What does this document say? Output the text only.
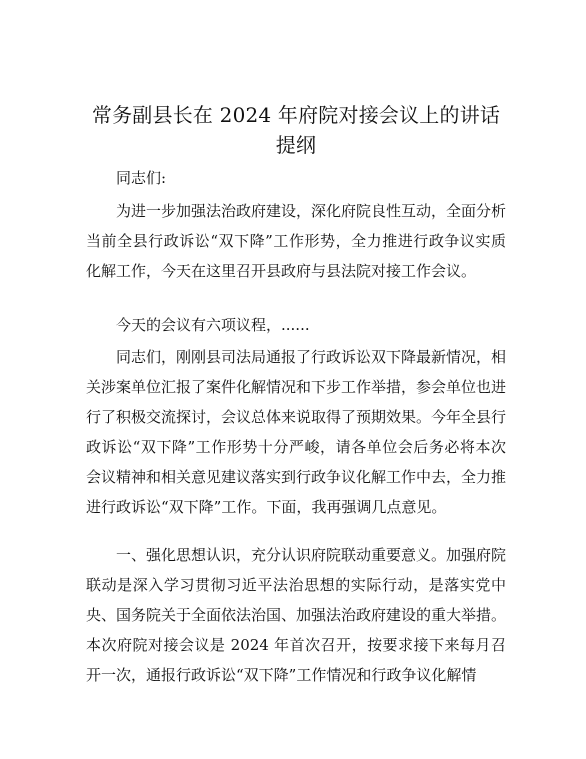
常务副县长在 2024 年府院对接会议上的讲话提纲
同志们:
为进一步加强法治政府建设，深化府院良性互动，全面分析当前全县行政诉讼“双下降”工作形势，全力推进行政争议实质化解工作，今天在这里召开县政府与县法院对接工作会议。
今天的会议有六项议程，......
同志们，刚刚县司法局通报了行政诉讼双下降最新情况，相关涉案单位汇报了案件化解情况和下步工作举措，参会单位也进行了积极交流探讨，会议总体来说取得了预期效果。今年全县行政诉讼“双下降”工作形势十分严峻，请各单位会后务必将本次会议精神和相关意见建议落实到行政争议化解工作中去，全力推进行政诉讼“双下降”工作。下面，我再强调几点意见。
一、强化思想认识，充分认识府院联动重要意义。加强府院联动是深入学习贯彻习近平法治思想的实际行动，是落实党中央、国务院关于全面依法治国、加强法治政府建设的重大举措。本次府院对接会议是 2024 年首次召开，按要求接下来每月召开一次，通报行政诉讼“双下降”工作情况和行政争议化解情
